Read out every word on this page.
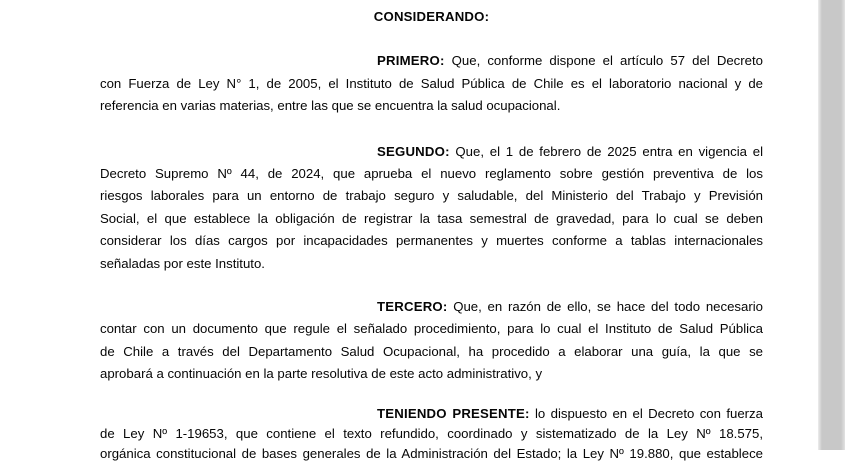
CONSIDERANDO:
PRIMERO: Que, conforme dispone el artículo 57 del Decreto
con Fuerza de Ley N° 1, de 2005, el Instituto de Salud Pública de Chile es el laboratorio nacional y de
referencia en varias materias, entre las que se encuentra la salud ocupacional.
SEGUNDO: Que, el 1 de febrero de 2025 entra en vigencia el
Decreto Supremo Nº 44, de 2024, que aprueba el nuevo reglamento sobre gestión preventiva de los
riesgos laborales para un entorno de trabajo seguro y saludable, del Ministerio del Trabajo y Previsión
Social, el que establece la obligación de registrar la tasa semestral de gravedad, para lo cual se deben
considerar los días cargos por incapacidades permanentes y muertes conforme a tablas internacionales
señaladas por este Instituto.
TERCERO: Que, en razón de ello, se hace del todo necesario
contar con un documento que regule el señalado procedimiento, para lo cual el Instituto de Salud Pública
de Chile a través del Departamento Salud Ocupacional, ha procedido a elaborar una guía, la que se
aprobará a continuación en la parte resolutiva de este acto administrativo, y
TENIENDO PRESENTE: lo dispuesto en el Decreto con fuerza
de Ley Nº 1-19653, que contiene el texto refundido, coordinado y sistematizado de la Ley Nº 18.575,
orgánica constitucional de bases generales de la Administración del Estado; la Ley Nº 19.880, que establece
